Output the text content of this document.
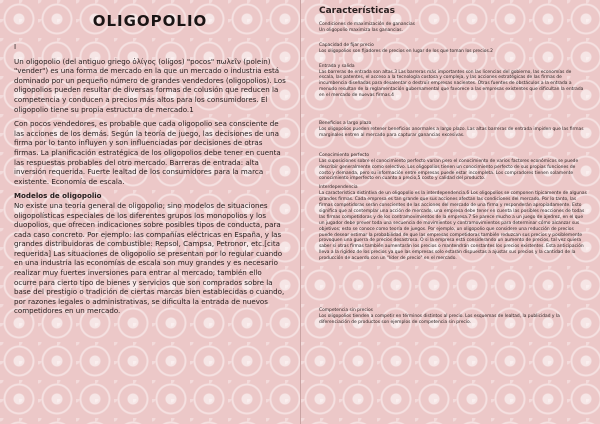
OLIGOPOLIO

I

Un oligopolio (del antiguo griego ὀλίγος (olígos) "pocos" πωλεῖν (polein) "vender") es una forma de mercado en la que un mercado o industria está dominado por un pequeño número de grandes vendedores (oligopolios). Los oligopolios pueden resultar de diversas formas de colusión que reducen la competencia y conducen a precios más altos para los consumidores. El oligopolio tiene su propia estructura de mercado.1

Con pocos vendedores, es probable que cada oligopolio sea consciente de las acciones de los demás. Según la teoría de juego, las decisiones de una firma por lo tanto influyen y son influenciadas por decisiones de otras firmas. La planificación estratégica de los oligopolios debe tener en cuenta las respuestas probables del otro mercado. Barreras de entrada: alta inversión requerida. Fuerte lealtad de los consumidores para la marca existente. Economía de escala.

Modelos de oligopolio

No existe una teoría general de oligopolio; sino modelos de situaciones oligopolísticas especiales de los diferentes grupos los monopolios y los duopolios, que ofrecen indicaciones sobre posibles tipos de conducta, para cada caso concreto. Por ejemplo: las compañías eléctricas en España, y las grandes distribuidoras de combustible: Repsol, Campsa, Petronor, etc.[cita requerida] Las situaciones de oligopolio se presentan por lo regular cuando en una industria las economías de escala son muy grandes y es necesario realizar muy fuertes inversiones para entrar al mercado; también ello ocurre para cierto tipo de bienes y servicios que son comprados sobre la base del prestigio o tradición de ciertas marcas bien establecidas o cuando, por razones legales o administrativas, se dificulta la entrada de nuevos competidores en un mercado.

Características

Condiciones de maximización de ganancias

Un oligopolio maximiza las ganancias.

Capacidad de fijar precio

Los oligopolios son fijadores de precios en lugar de los que toman los precios.2

Entrada y salida

Las barreras de entrada son altas.3 Las barreras más importantes son las licencias del gobierno, las economías de escala, las patentes, el acceso a la tecnología costosa y compleja, y las acciones estratégicas de las firmas de incumbencia diseñadas para desalentar o destruir empresas nacientes. Otras fuentes de obstáculos a la entrada a menudo resultan de la reglamentación gubernamental que favorece a las empresas existentes que dificultan la entrada en el mercado de nuevas firmas.4

Beneficios a largo plazo

Los oligopolios pueden retener beneficios anormales a largo plazo. Las altas barreras de entrada impiden que las firmas marginales entren al mercado para capturar ganancias excesivas.

Conocimiento perfecto

Las suposiciones sobre el conocimiento perfecto varían pero el conocimiento de varios factores económicos se puede describir generalmente como selectivo. Los oligopolios tienen un conocimiento perfecto de sus propias funciones de costo y demanda, pero su información entre empresas puede estar incompleta. Los compradores tienen solamente conocimiento imperfecto en cuanto a precio,5 costo y calidad del producto.

Interdependencia

La característica distintiva de un oligopolio es la interdependencia.6 Los oligopolios se componen típicamente de algunas grandes firmas. Cada empresa es tan grande que sus acciones afectan las condiciones del mercado. Por lo tanto, las firmas competidoras serán conscientes de las acciones del mercado de una firma y responderán apropiadamente. Esto significa que al contemplar una acción de mercado, una empresa debe tener en cuenta las posibles reacciones de todas las firmas competidoras y de los contramovimientos de la empresa.7 Se parece mucho a un juego de ajedrez, en el que un jugador debe prever toda una secuencia de movimientos y contramovimientos para determinar cómo alcanzar sus objetivos; esto se conoce como teoría de juegos. Por ejemplo, un oligopolio que considere una reducción de precios puede desear estimar la probabilidad de que las empresas competidoras también reduzcan sus precios y posiblemente provoquen una guerra de precios desastrosa. O si la empresa está considerando un aumento de precios, tal vez quiera saber si otras firmas también aumentarán los precios o mantendrán constantes los precios existentes. Esta anticipación lleva a la rigidez de los precios ya que las empresas solo estarán dispuestas a ajustar sus precios y la cantidad de la producción de acuerdo con un "líder de precio" en el mercado.

Competencia sin precios

Los oligopolios tienden a competir en términos distintos al precio. Los esquemas de lealtad, la publicidad y la diferenciación de productos son ejemplos de competencia sin precio.
